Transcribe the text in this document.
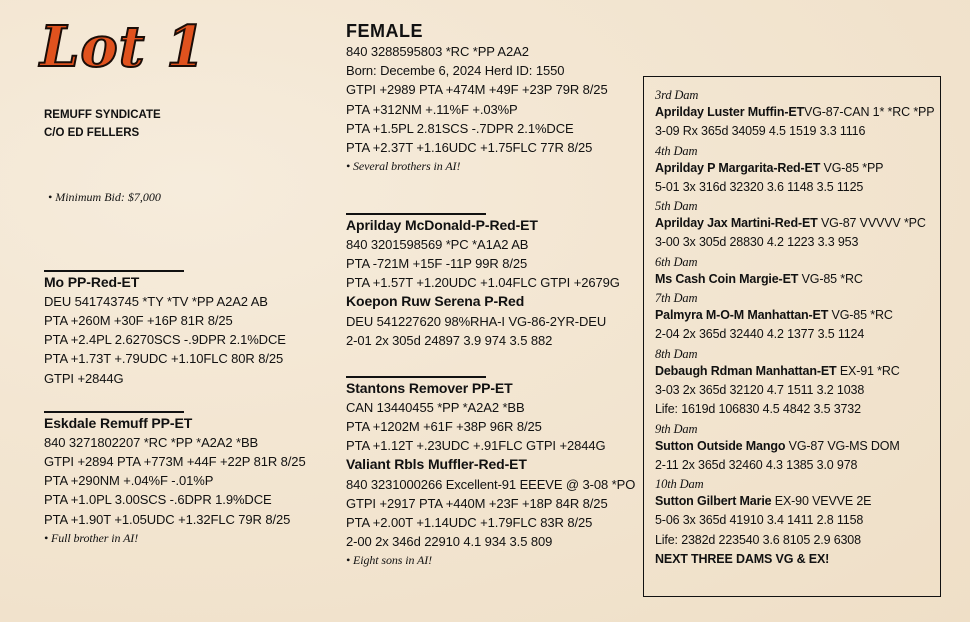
Lot 1
REMUFF SYNDICATE
C/O ED FELLERS
• Minimum Bid: $7,000
FEMALE
840 3288595803 *RC *PP A2A2
Born: Decembe 6, 2024 Herd ID: 1550
GTPI +2989 PTA +474M +49F +23P 79R 8/25
PTA +312NM +.11%F +.03%P
PTA +1.5PL 2.81SCS -.7DPR 2.1%DCE
PTA +2.37T +1.16UDC +1.75FLC 77R 8/25
• Several brothers in AI!
Mo PP-Red-ET
DEU 541743745 *TY *TV *PP A2A2 AB
PTA +260M +30F +16P 81R 8/25
PTA +2.4PL 2.6270SCS -.9DPR 2.1%DCE
PTA +1.73T +.79UDC +1.10FLC 80R 8/25
GTPI +2844G
Eskdale Remuff PP-ET
840 3271802207 *RC *PP *A2A2 *BB
GTPI +2894 PTA +773M +44F +22P 81R 8/25
PTA +290NM +.04%F -.01%P
PTA +1.0PL 3.00SCS -.6DPR 1.9%DCE
PTA +1.90T +1.05UDC +1.32FLC 79R 8/25
• Full brother in AI!
Aprilday McDonald-P-Red-ET
840 3201598569 *PC *A1A2 AB
PTA -721M +15F -11P 99R 8/25
PTA +1.57T +1.20UDC +1.04FLC GTPI +2679G
Koepon Ruw Serena P-Red
DEU 541227620 98%RHA-I VG-86-2YR-DEU
2-01 2x 305d 24897 3.9 974 3.5 882
Stantons Remover PP-ET
CAN 13440455 *PP *A2A2 *BB
PTA +1202M +61F +38P 96R 8/25
PTA +1.12T +.23UDC +.91FLC GTPI +2844G
Valiant Rbls Muffler-Red-ET
840 3231000266 Excellent-91 EEEVE @ 3-08 *PO
GTPI +2917 PTA +440M +23F +18P 84R 8/25
PTA +2.00T +1.14UDC +1.79FLC 83R 8/25
2-00 2x 346d 22910 4.1 934 3.5 809
• Eight sons in AI!
3rd Dam
Aprilday Luster Muffin-ETVG-87-CAN 1* *RC *PP
3-09 Rx 365d 34059 4.5 1519 3.3 1116
4th Dam
Aprilday P Margarita-Red-ET VG-85 *PP
5-01 3x 316d 32320 3.6 1148 3.5 1125
5th Dam
Aprilday Jax Martini-Red-ET VG-87 VVVVV *PC
3-00 3x 305d 28830 4.2 1223 3.3 953
6th Dam
Ms Cash Coin Margie-ET VG-85 *RC
7th Dam
Palmyra M-O-M Manhattan-ET VG-85 *RC
2-04 2x 365d 32440 4.2 1377 3.5 1124
8th Dam
Debaugh Rdman Manhattan-ET EX-91 *RC
3-03 2x 365d 32120 4.7 1511 3.2 1038
Life: 1619d 106830 4.5 4842 3.5 3732
9th Dam
Sutton Outside Mango VG-87 VG-MS DOM
2-11 2x 365d 32460 4.3 1385 3.0 978
10th Dam
Sutton Gilbert Marie EX-90 VEVVE 2E
5-06 3x 365d 41910 3.4 1411 2.8 1158
Life: 2382d 223540 3.6 8105 2.9 6308
NEXT THREE DAMS VG & EX!
